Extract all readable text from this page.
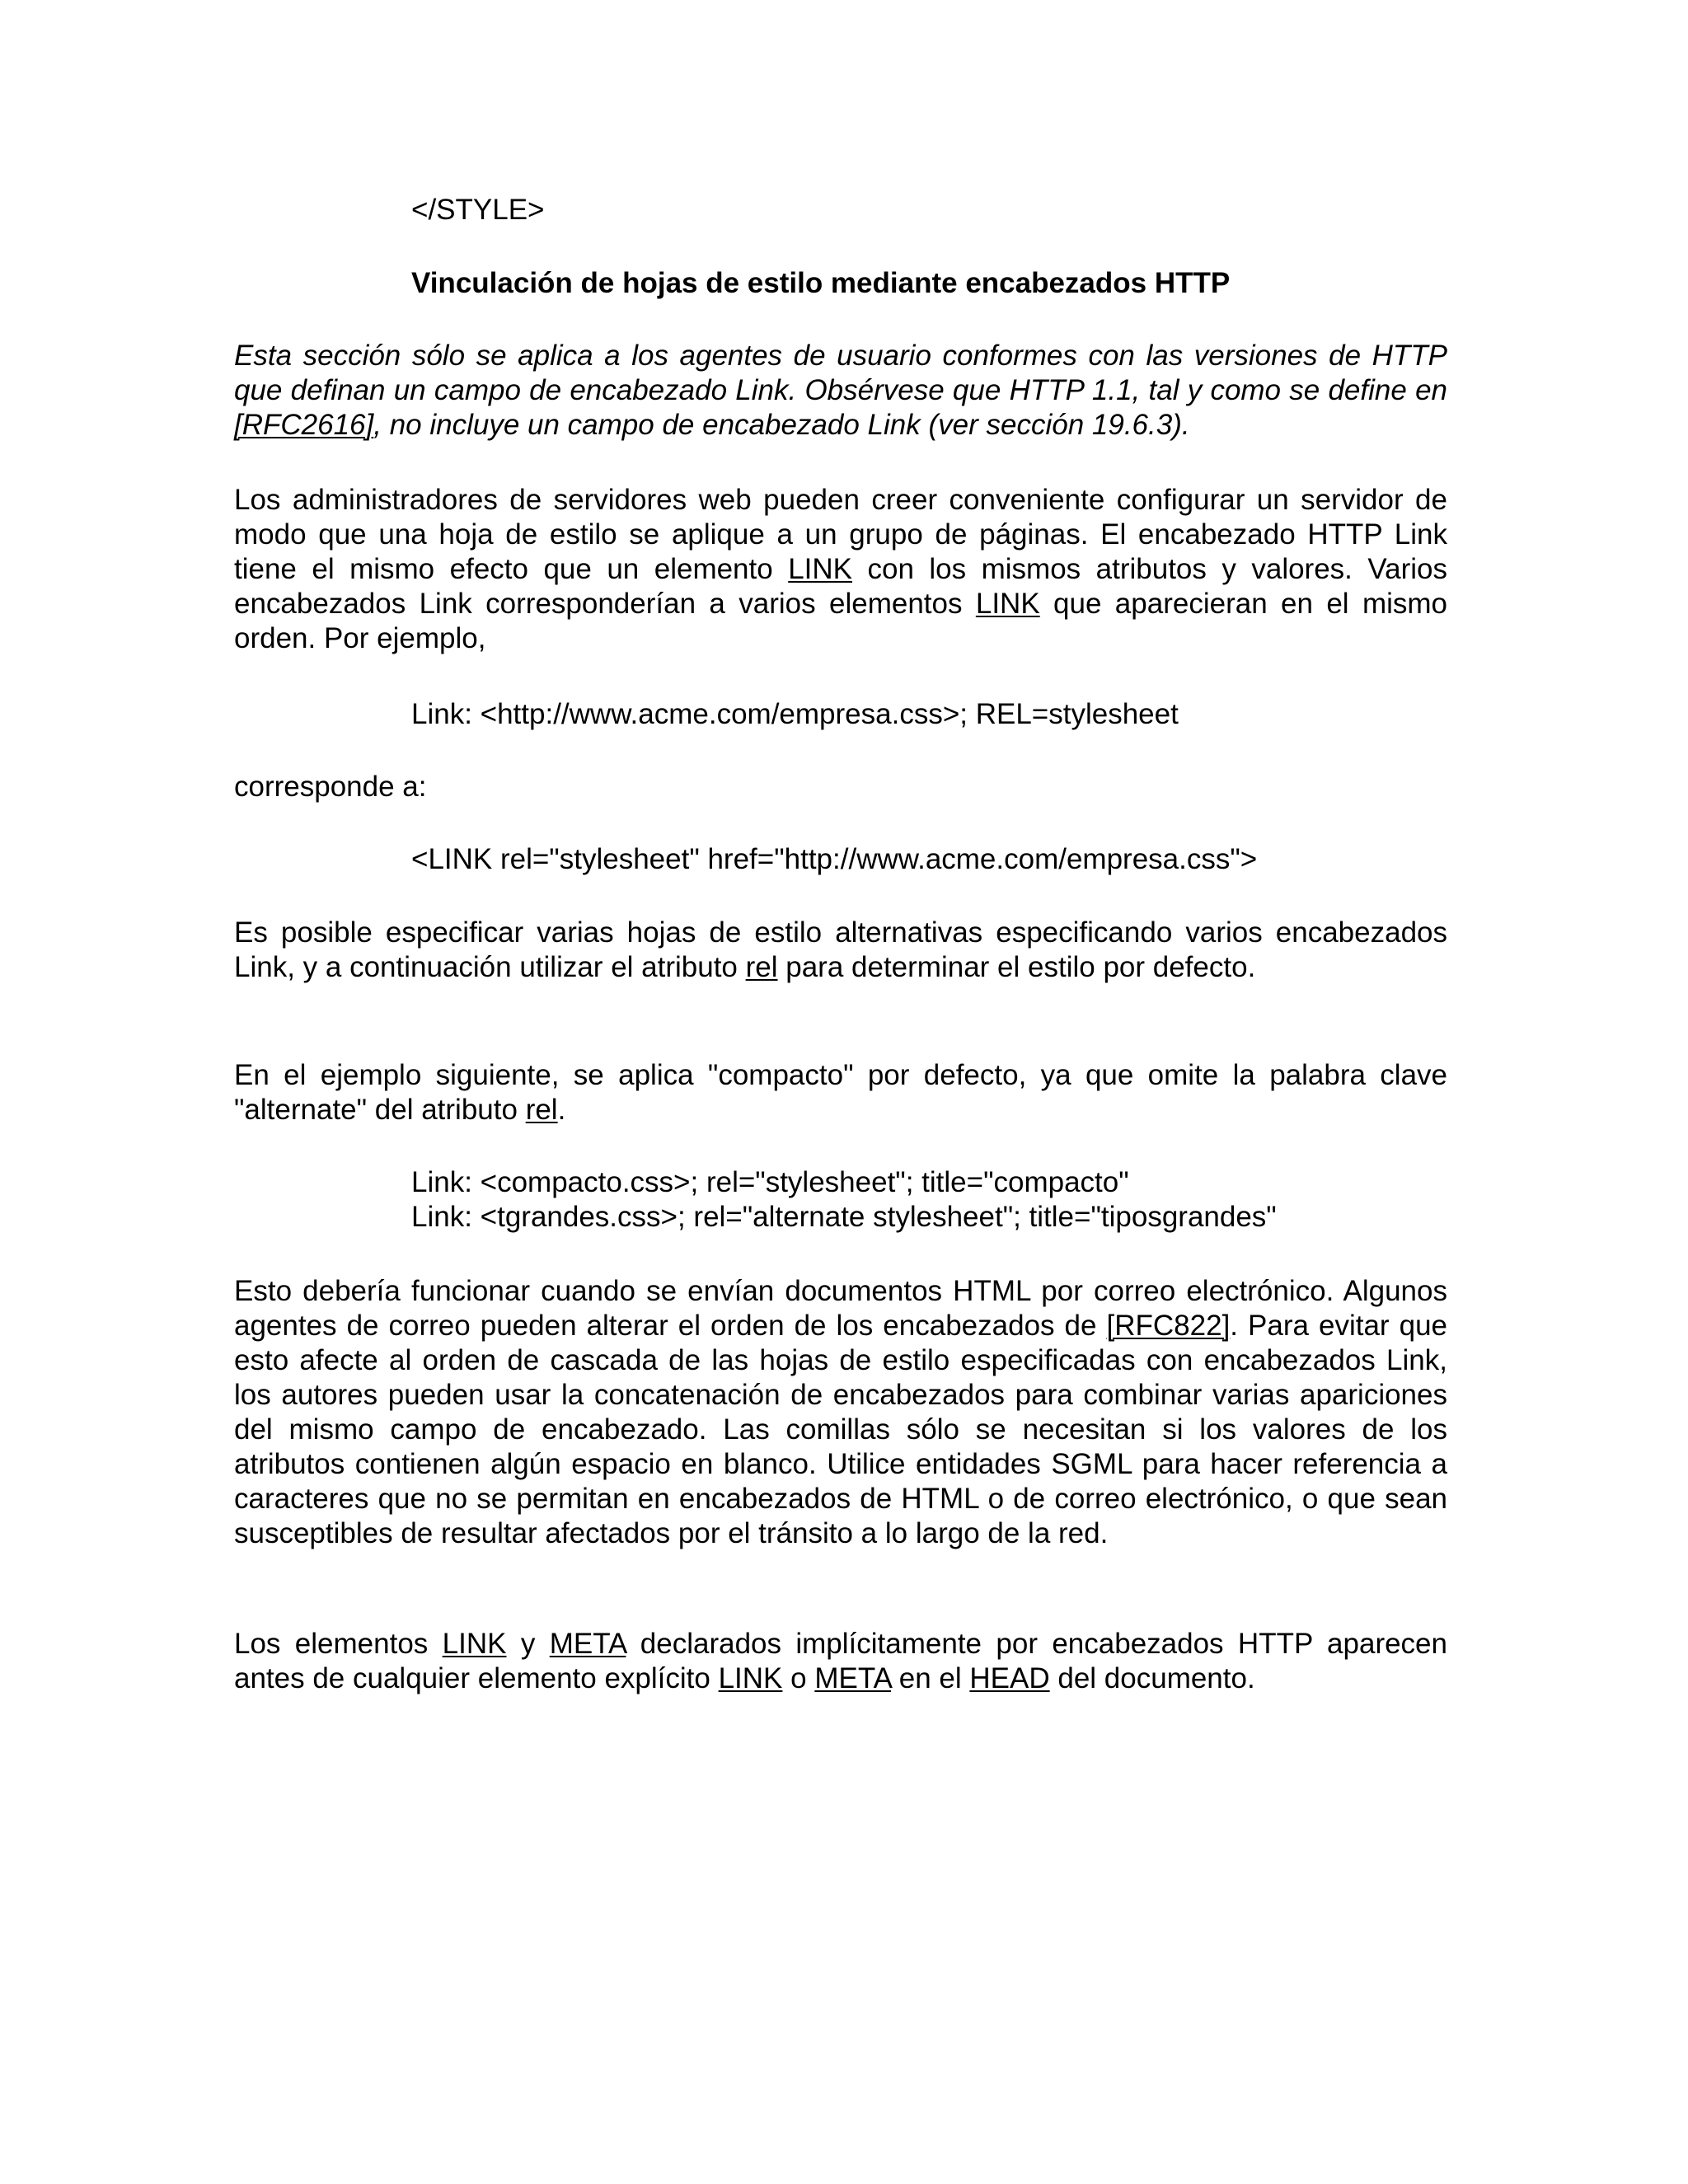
</STYLE>

Vinculación de hojas de estilo mediante encabezados HTTP

Esta sección sólo se aplica a los agentes de usuario conformes con las versiones de HTTP que definan un campo de encabezado Link. Obsérvese que HTTP 1.1, tal y como se define en [RFC2616], no incluye un campo de encabezado Link (ver sección 19.6.3).

Los administradores de servidores web pueden creer conveniente configurar un servidor de modo que una hoja de estilo se aplique a un grupo de páginas. El encabezado HTTP Link tiene el mismo efecto que un elemento LINK con los mismos atributos y valores. Varios encabezados Link corresponderían a varios elementos LINK que aparecieran en el mismo orden. Por ejemplo,

Link: <http://www.acme.com/empresa.css>; REL=stylesheet

corresponde a:

<LINK rel="stylesheet" href="http://www.acme.com/empresa.css">

Es posible especificar varias hojas de estilo alternativas especificando varios encabezados Link, y a continuación utilizar el atributo rel para determinar el estilo por defecto.

En el ejemplo siguiente, se aplica "compacto" por defecto, ya que omite la palabra clave "alternate" del atributo rel.

Link: <compacto.css>; rel="stylesheet"; title="compacto"
Link: <tgrandes.css>; rel="alternate stylesheet"; title="tiposgrandes"

Esto debería funcionar cuando se envían documentos HTML por correo electrónico. Algunos agentes de correo pueden alterar el orden de los encabezados de [RFC822]. Para evitar que esto afecte al orden de cascada de las hojas de estilo especificadas con encabezados Link, los autores pueden usar la concatenación de encabezados para combinar varias apariciones del mismo campo de encabezado. Las comillas sólo se necesitan si los valores de los atributos contienen algún espacio en blanco. Utilice entidades SGML para hacer referencia a caracteres que no se permitan en encabezados de HTML o de correo electrónico, o que sean susceptibles de resultar afectados por el tránsito a lo largo de la red.

Los elementos LINK y META declarados implícitamente por encabezados HTTP aparecen antes de cualquier elemento explícito LINK o META en el HEAD del documento.
